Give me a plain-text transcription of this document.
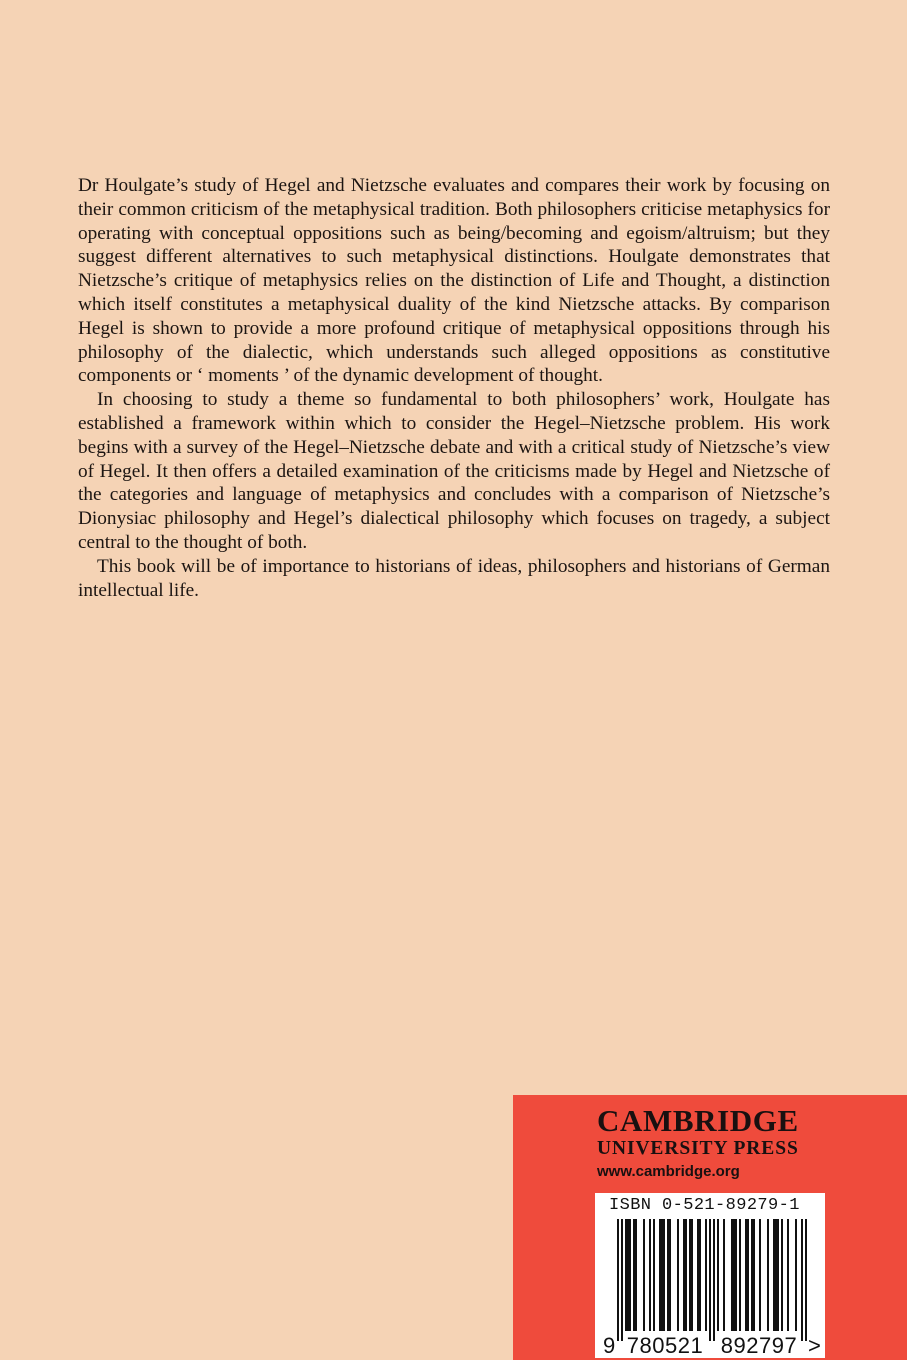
Dr Houlgate’s study of Hegel and Nietzsche evaluates and compares their work by focusing on their common criticism of the metaphysical tradition. Both philosophers criticise metaphysics for operating with conceptual oppositions such as being/becoming and egoism/altruism; but they suggest different alternatives to such metaphysical distinctions. Houlgate demonstrates that Nietzsche’s critique of metaphysics relies on the distinction of Life and Thought, a distinction which itself constitutes a metaphysical duality of the kind Nietzsche attacks. By comparison Hegel is shown to provide a more profound critique of metaphysical oppositions through his philosophy of the dialectic, which understands such alleged oppositions as constitutive components or ‘ moments ’ of the dynamic development of thought.

In choosing to study a theme so fundamental to both philosophers’ work, Houlgate has established a framework within which to consider the Hegel–Nietzsche problem. His work begins with a survey of the Hegel–Nietzsche debate and with a critical study of Nietzsche’s view of Hegel. It then offers a detailed examination of the criticisms made by Hegel and Nietzsche of the categories and language of metaphysics and concludes with a comparison of Nietzsche’s Dionysiac philosophy and Hegel’s dialectical philosophy which focuses on tragedy, a subject central to the thought of both.

This book will be of importance to historians of ideas, philosophers and historians of German intellectual life.

CAMBRIDGE
UNIVERSITY PRESS
www.cambridge.org
ISBN 0-521-89279-1
9 780521 892797 >
